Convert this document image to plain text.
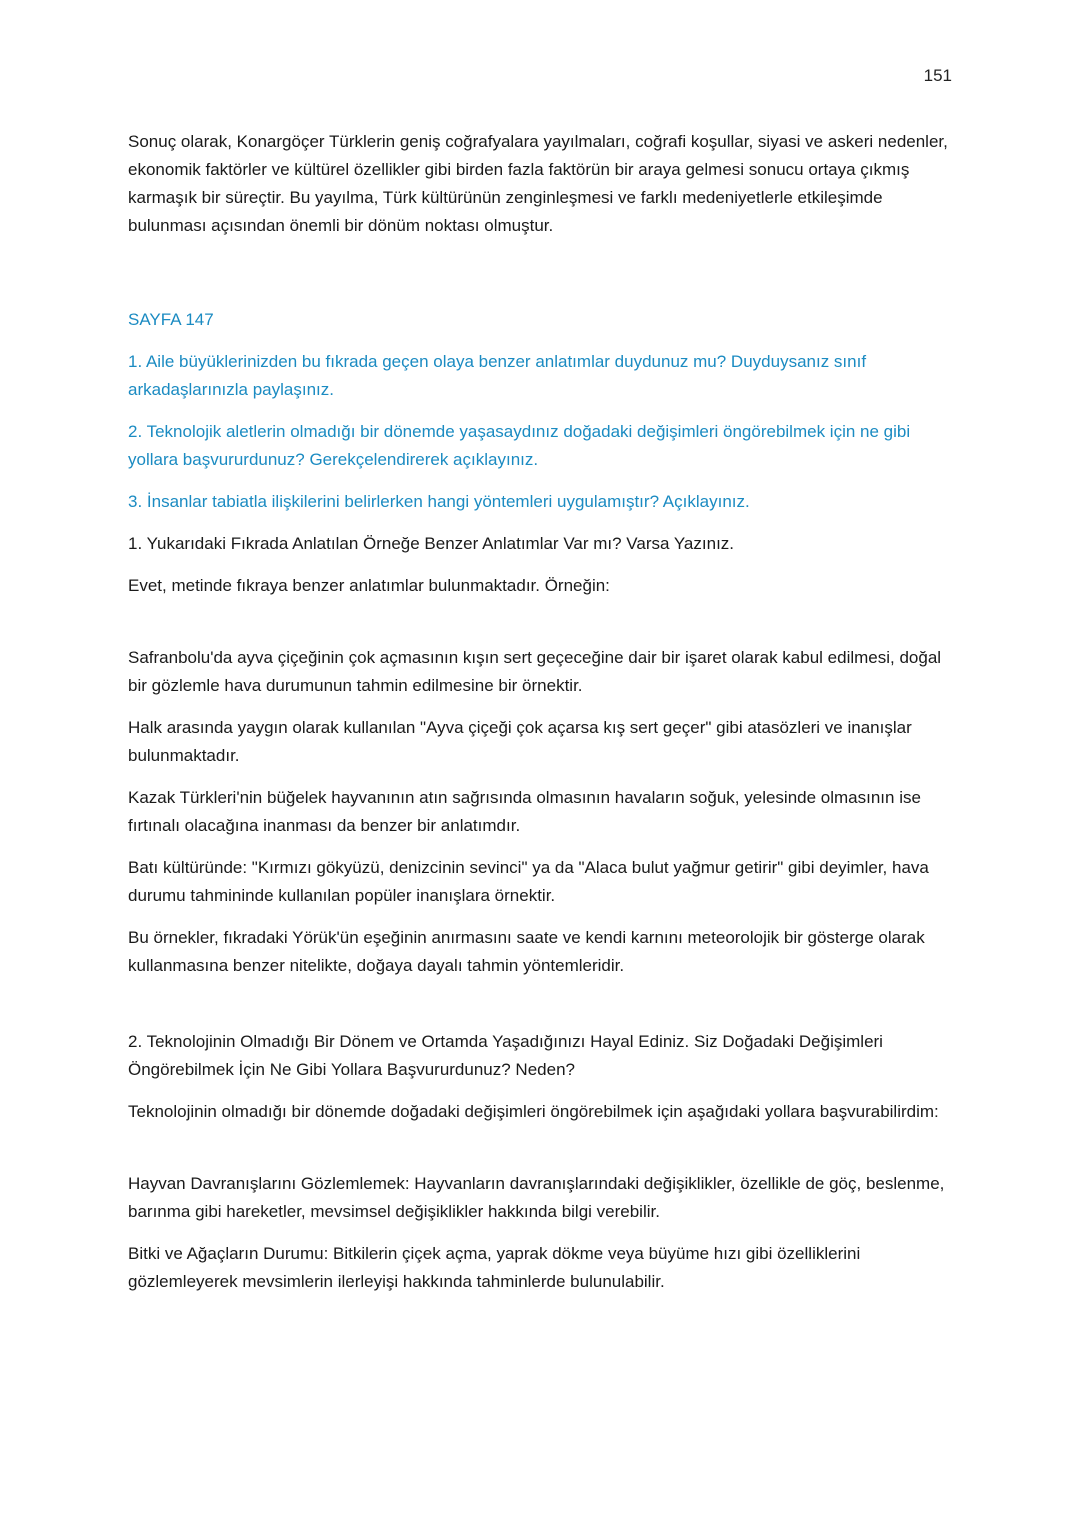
151

Sonuç olarak, Konargöçer Türklerin geniş coğrafyalara yayılmaları, coğrafi koşullar, siyasi ve askeri nedenler, ekonomik faktörler ve kültürel özellikler gibi birden fazla faktörün bir araya gelmesi sonucu ortaya çıkmış karmaşık bir süreçtir. Bu yayılma, Türk kültürünün zenginleşmesi ve farklı medeniyetlerle etkileşimde bulunması açısından önemli bir dönüm noktası olmuştur.

SAYFA 147

1. Aile büyüklerinizden bu fıkrada geçen olaya benzer anlatımlar duydunuz mu? Duyduysanız sınıf arkadaşlarınızla paylaşınız.

2. Teknolojik aletlerin olmadığı bir dönemde yaşasaydınız doğadaki değişimleri öngörebilmek için ne gibi yollara başvururdunuz? Gerekçelendirerek açıklayınız.

3. İnsanlar tabiatla ilişkilerini belirlerken hangi yöntemleri uygulamıştır? Açıklayınız.

1. Yukarıdaki Fıkrada Anlatılan Örneğe Benzer Anlatımlar Var mı? Varsa Yazınız.

Evet, metinde fıkraya benzer anlatımlar bulunmaktadır. Örneğin:

Safranbolu'da ayva çiçeğinin çok açmasının kışın sert geçeceğine dair bir işaret olarak kabul edilmesi, doğal bir gözlemle hava durumunun tahmin edilmesine bir örnektir.

Halk arasında yaygın olarak kullanılan "Ayva çiçeği çok açarsa kış sert geçer" gibi atasözleri ve inanışlar bulunmaktadır.

Kazak Türkleri'nin büğelek hayvanının atın sağrısında olmasının havaların soğuk, yelesinde olmasının ise fırtınalı olacağına inanması da benzer bir anlatımdır.

Batı kültüründe: "Kırmızı gökyüzü, denizcinin sevinci" ya da "Alaca bulut yağmur getirir" gibi deyimler, hava durumu tahmininde kullanılan popüler inanışlara örnektir.

Bu örnekler, fıkradaki Yörük'ün eşeğinin anırmasını saate ve kendi karnını meteorolojik bir gösterge olarak kullanmasına benzer nitelikte, doğaya dayalı tahmin yöntemleridir.

2. Teknolojinin Olmadığı Bir Dönem ve Ortamda Yaşadığınızı Hayal Ediniz. Siz Doğadaki Değişimleri Öngörebilmek İçin Ne Gibi Yollara Başvururdunuz? Neden?

Teknolojinin olmadığı bir dönemde doğadaki değişimleri öngörebilmek için aşağıdaki yollara başvurabilirdim:

Hayvan Davranışlarını Gözlemlemek: Hayvanların davranışlarındaki değişiklikler, özellikle de göç, beslenme, barınma gibi hareketler, mevsimsel değişiklikler hakkında bilgi verebilir.

Bitki ve Ağaçların Durumu: Bitkilerin çiçek açma, yaprak dökme veya büyüme hızı gibi özelliklerini gözlemleyerek mevsimlerin ilerleyişi hakkında tahminlerde bulunulabilir.
